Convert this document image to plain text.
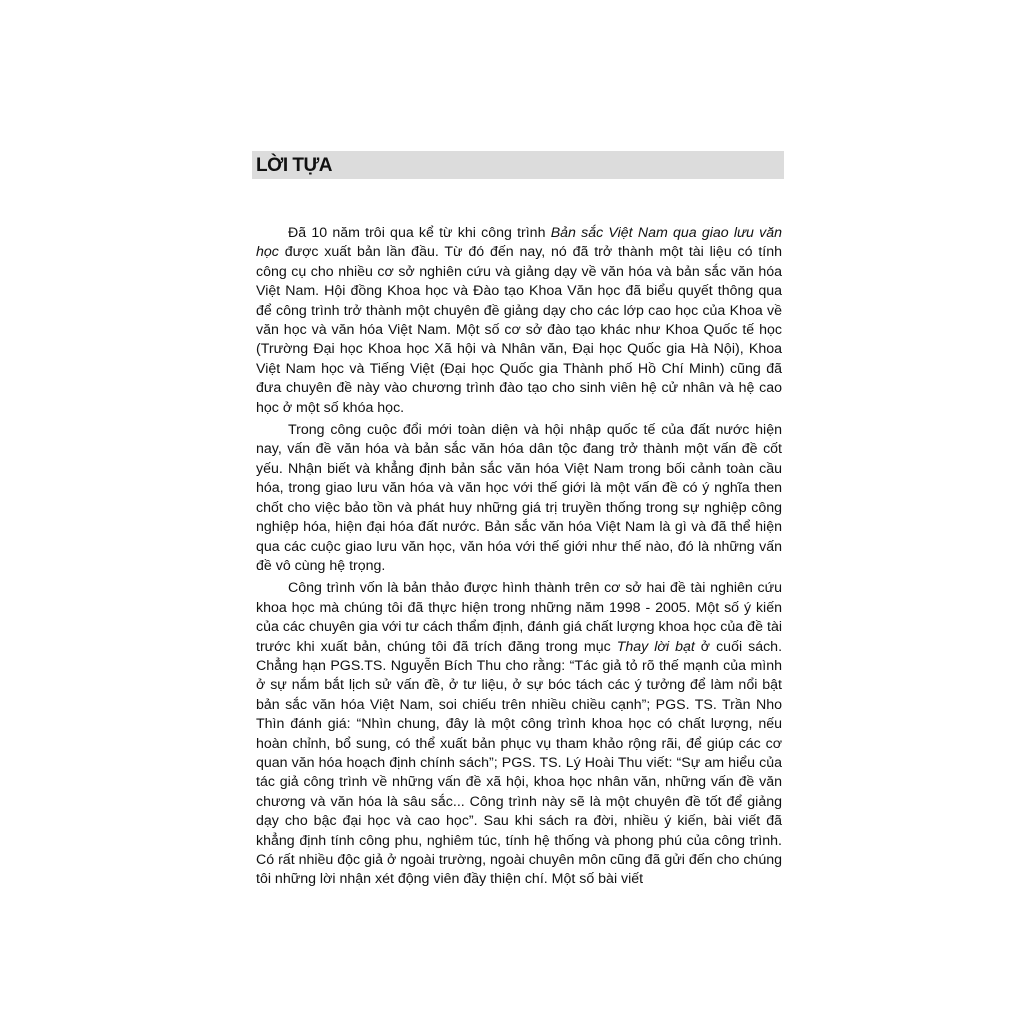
LỜI TỰA

Đã 10 năm trôi qua kể từ khi công trình Bản sắc Việt Nam qua giao lưu văn học được xuất bản lần đầu. Từ đó đến nay, nó đã trở thành một tài liệu có tính công cụ cho nhiều cơ sở nghiên cứu và giảng dạy về văn hóa và bản sắc văn hóa Việt Nam. Hội đồng Khoa học và Đào tạo Khoa Văn học đã biểu quyết thông qua để công trình trở thành một chuyên đề giảng dạy cho các lớp cao học của Khoa về văn học và văn hóa Việt Nam. Một số cơ sở đào tạo khác như Khoa Quốc tế học (Trường Đại học Khoa học Xã hội và Nhân văn, Đại học Quốc gia Hà Nội), Khoa Việt Nam học và Tiếng Việt (Đại học Quốc gia Thành phố Hồ Chí Minh) cũng đã đưa chuyên đề này vào chương trình đào tạo cho sinh viên hệ cử nhân và hệ cao học ở một số khóa học.

Trong công cuộc đổi mới toàn diện và hội nhập quốc tế của đất nước hiện nay, vấn đề văn hóa và bản sắc văn hóa dân tộc đang trở thành một vấn đề cốt yếu. Nhận biết và khẳng định bản sắc văn hóa Việt Nam trong bối cảnh toàn cầu hóa, trong giao lưu văn hóa và văn học với thế giới là một vấn đề có ý nghĩa then chốt cho việc bảo tồn và phát huy những giá trị truyền thống trong sự nghiệp công nghiệp hóa, hiện đại hóa đất nước. Bản sắc văn hóa Việt Nam là gì và đã thể hiện qua các cuộc giao lưu văn học, văn hóa với thế giới như thế nào, đó là những vấn đề vô cùng hệ trọng.

Công trình vốn là bản thảo được hình thành trên cơ sở hai đề tài nghiên cứu khoa học mà chúng tôi đã thực hiện trong những năm 1998 - 2005. Một số ý kiến của các chuyên gia với tư cách thẩm định, đánh giá chất lượng khoa học của đề tài trước khi xuất bản, chúng tôi đã trích đăng trong mục Thay lời bạt ở cuối sách. Chẳng hạn PGS.TS. Nguyễn Bích Thu cho rằng: “Tác giả tỏ rõ thế mạnh của mình ở sự nắm bắt lịch sử vấn đề, ở tư liệu, ở sự bóc tách các ý tưởng để làm nổi bật bản sắc văn hóa Việt Nam, soi chiếu trên nhiều chiều cạnh”; PGS. TS. Trần Nho Thìn đánh giá: “Nhìn chung, đây là một công trình khoa học có chất lượng, nếu hoàn chỉnh, bổ sung, có thể xuất bản phục vụ tham khảo rộng rãi, để giúp các cơ quan văn hóa hoạch định chính sách”; PGS. TS. Lý Hoài Thu viết: “Sự am hiểu của tác giả công trình về những vấn đề xã hội, khoa học nhân văn, những vấn đề văn chương và văn hóa là sâu sắc... Công trình này sẽ là một chuyên đề tốt để giảng dạy cho bậc đại học và cao học”. Sau khi sách ra đời, nhiều ý kiến, bài viết đã khẳng định tính công phu, nghiêm túc, tính hệ thống và phong phú của công trình. Có rất nhiều độc giả ở ngoài trường, ngoài chuyên môn cũng đã gửi đến cho chúng tôi những lời nhận xét động viên đầy thiện chí. Một số bài viết
